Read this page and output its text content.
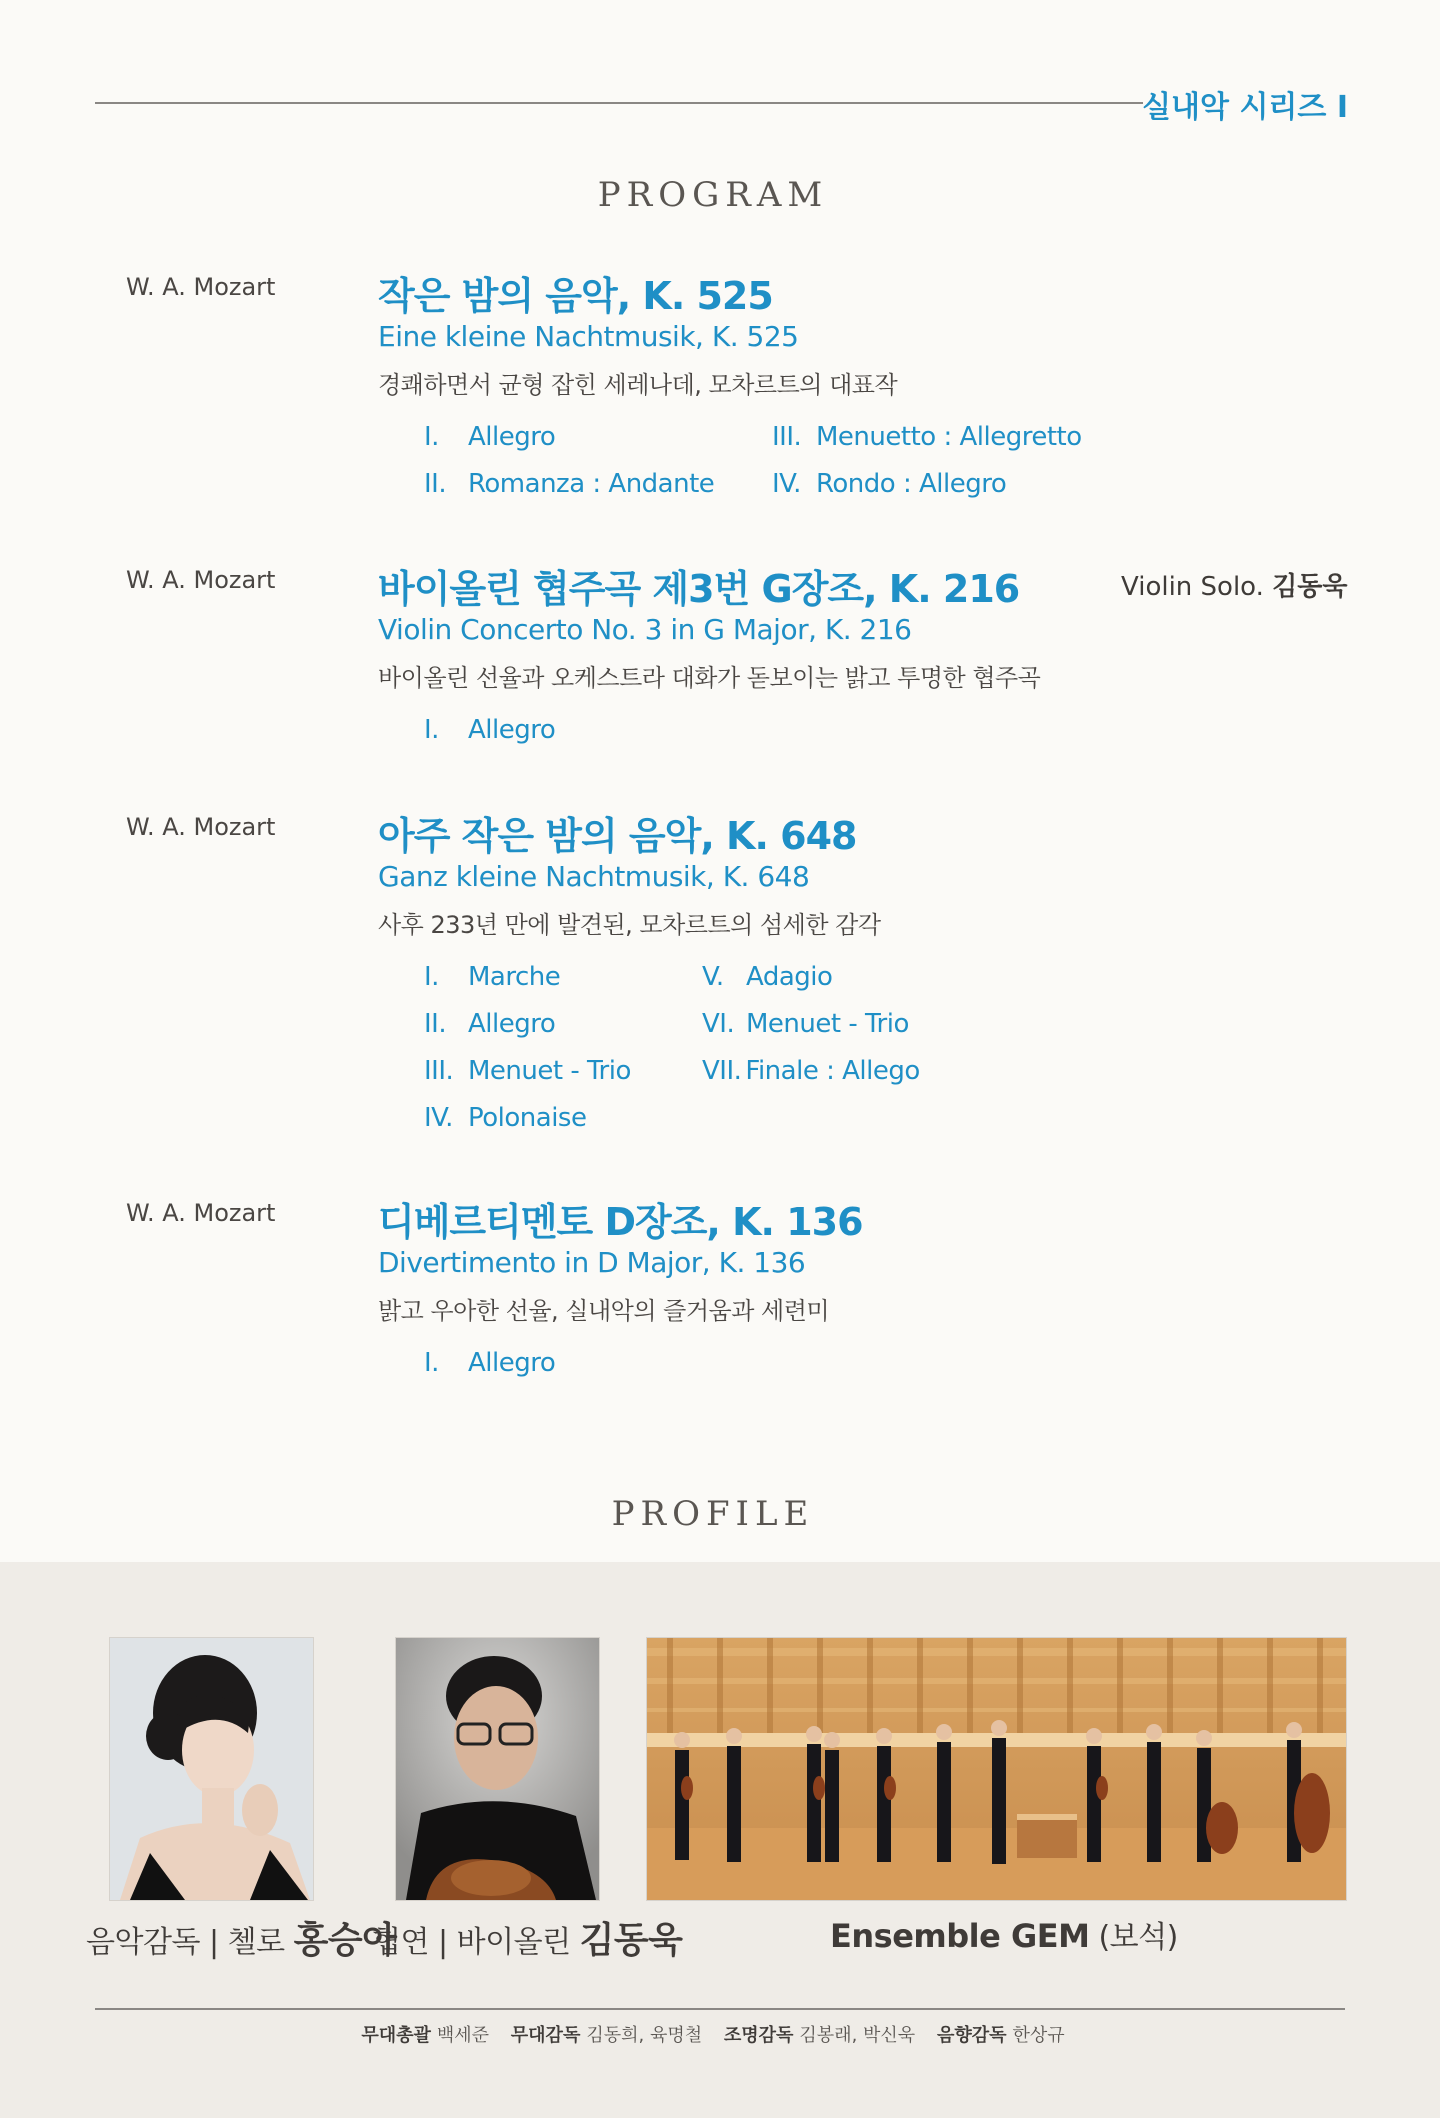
실내악 시리즈 Ⅰ
PROGRAM
W. A. Mozart	작은 밤의 음악, K. 525
Eine kleine Nachtmusik, K. 525
경쾌하면서 균형 잡힌 세레나데, 모차르트의 대표작
I. Allegro
II. Romanza : Andante
III. Menuetto : Allegretto
IV. Rondo : Allegro
W. A. Mozart	바이올린 협주곡 제3번 G장조, K. 216	Violin Solo. 김동욱
Violin Concerto No. 3 in G Major, K. 216
바이올린 선율과 오케스트라 대화가 돋보이는 밝고 투명한 협주곡
I. Allegro
W. A. Mozart	아주 작은 밤의 음악, K. 648
Ganz kleine Nachtmusik, K. 648
사후 233년 만에 발견된, 모차르트의 섬세한 감각
I. Marche
II. Allegro
III. Menuet - Trio
IV. Polonaise
V. Adagio
VI. Menuet - Trio
VII. Finale : Allego
W. A. Mozart	디베르티멘토 D장조, K. 136
Divertimento in D Major, K. 136
밝고 우아한 선율, 실내악의 즐거움과 세련미
I. Allegro
PROFILE
음악감독 | 첼로 홍승아
협연 | 바이올린 김동욱	Ensemble GEM (보석)
무대총괄 백세준 무대감독 김동희, 육명철 조명감독 김봉래, 박신욱 음향감독 한상규
